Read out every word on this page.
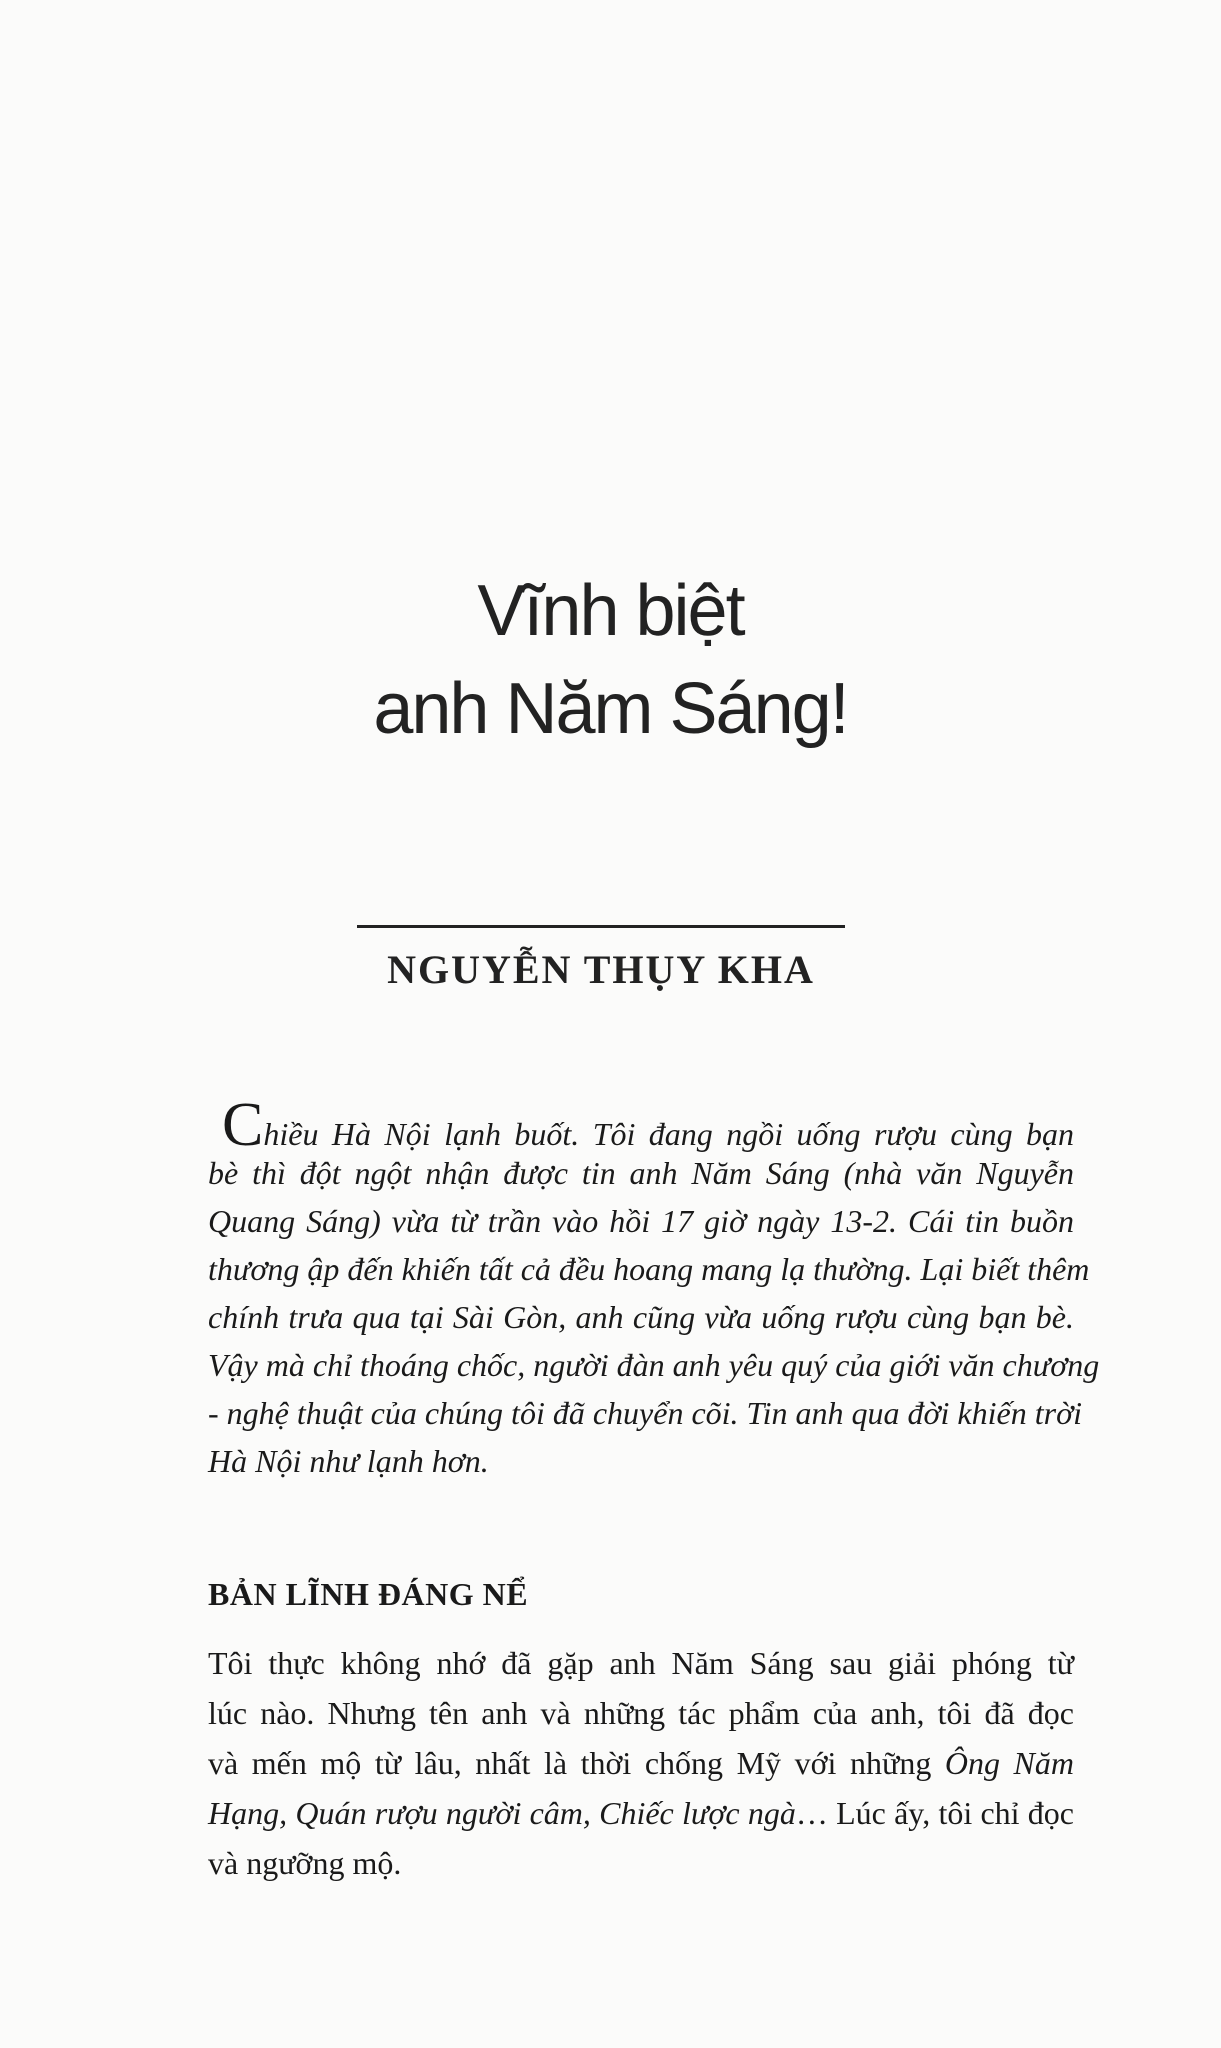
Vĩnh biệt
anh Năm Sáng!
NGUYỄN THỤY KHA
Chiều Hà Nội lạnh buốt. Tôi đang ngồi uống rượu cùng bạn
bè thì đột ngột nhận được tin anh Năm Sáng (nhà văn Nguyễn
Quang Sáng) vừa từ trần vào hồi 17 giờ ngày 13-2. Cái tin buồn
thương ập đến khiến tất cả đều hoang mang lạ thường. Lại biết thêm
chính trưa qua tại Sài Gòn, anh cũng vừa uống rượu cùng bạn bè.
Vậy mà chỉ thoáng chốc, người đàn anh yêu quý của giới văn chương
- nghệ thuật của chúng tôi đã chuyển cõi. Tin anh qua đời khiến trời
Hà Nội như lạnh hơn.
BẢN LĨNH ĐÁNG NỂ
Tôi thực không nhớ đã gặp anh Năm Sáng sau giải phóng từ
lúc nào. Nhưng tên anh và những tác phẩm của anh, tôi đã đọc
và mến mộ từ lâu, nhất là thời chống Mỹ với những Ông Năm
Hạng, Quán rượu người câm, Chiếc lược ngà… Lúc ấy, tôi chỉ đọc
và ngưỡng mộ.
